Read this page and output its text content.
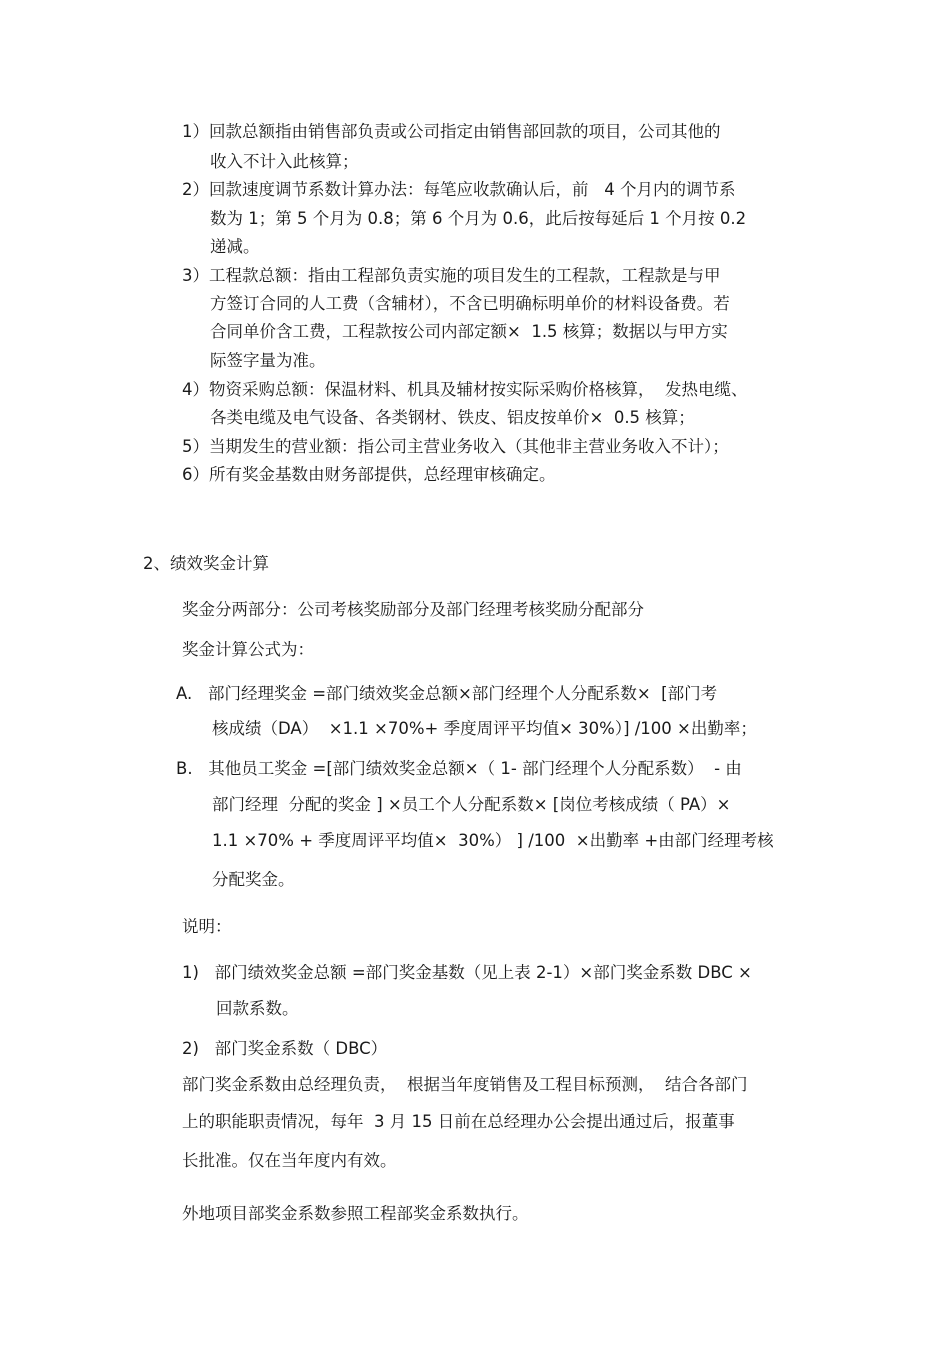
1）回款总额指由销售部负责或公司指定由销售部回款的项目，公司其他的
收入不计入此核算；
2）回款速度调节系数计算办法：每笔应收款确认后，前   4 个月内的调节系
数为 1；第 5 个月为 0.8；第 6 个月为 0.6，此后按每延后 1 个月按 0.2
递减。
3）工程款总额：指由工程部负责实施的项目发生的工程款，工程款是与甲
方签订合同的人工费（含辅材），不含已明确标明单价的材料设备费。若
合同单价含工费，工程款按公司内部定额×  1.5 核算；数据以与甲方实
际签字量为准。
4）物资采购总额：保温材料、机具及辅材按实际采购价格核算，  发热电缆、
各类电缆及电气设备、各类钢材、铁皮、铝皮按单价×  0.5 核算；
5）当期发生的营业额：指公司主营业务收入（其他非主营业务收入不计）；
6）所有奖金基数由财务部提供，总经理审核确定。
2、绩效奖金计算
奖金分两部分：公司考核奖励部分及部门经理考核奖励分配部分
奖金计算公式为：
A.   部门经理奖金 =部门绩效奖金总额×部门经理个人分配系数×  [部门考
核成绩（DA）  ×1.1 ×70%+ 季度周评平均值× 30%）] /100 ×出勤率；
B.   其他员工奖金 =[部门绩效奖金总额×（ 1- 部门经理个人分配系数）  - 由
部门经理  分配的奖金 ] ×员工个人分配系数× [岗位考核成绩（ PA）×
1.1 ×70% + 季度周评平均值×  30%） ] /100  ×出勤率 +由部门经理考核
分配奖金。
说明：
1)   部门绩效奖金总额 =部门奖金基数（见上表 2-1）×部门奖金系数 DBC ×
回款系数。
2)   部门奖金系数（ DBC）
部门奖金系数由总经理负责，  根据当年度销售及工程目标预测，  结合各部门
上的职能职责情况，每年  3 月 15 日前在总经理办公会提出通过后，报董事
长批准。仅在当年度内有效。
外地项目部奖金系数参照工程部奖金系数执行。
